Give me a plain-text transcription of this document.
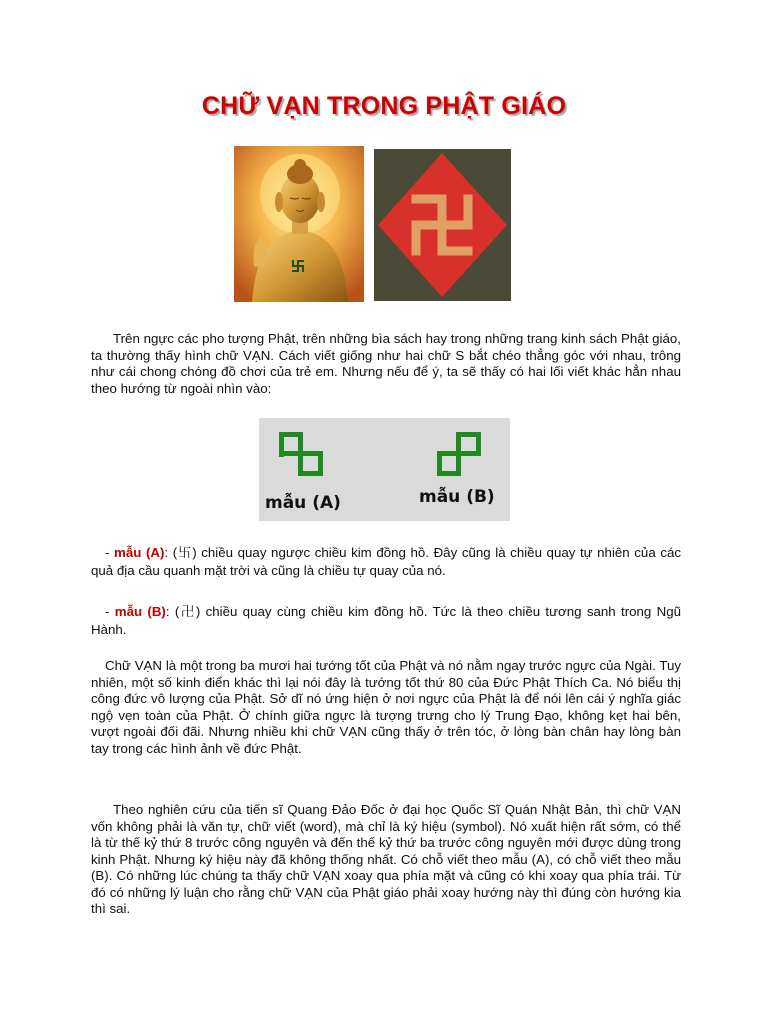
CHỮ VẠN TRONG PHẬT GIÁO
mẫu (A)	mẫu (B)

Trên ngực các pho tượng Phật, trên những bìa sách hay trong những trang kinh sách Phật giáo, ta thường thấy hình chữ VẠN. Cách viết giống như hai chữ S bắt chéo thẳng góc với nhau, trông như cái chong chóng đồ chơi của trẻ em. Nhưng nếu để ý, ta sẽ thấy có hai lối viết khác hẳn nhau theo hướng từ ngoài nhìn vào:

- mẫu (A): (卐) chiều quay ngược chiều kim đồng hồ. Đây cũng là chiều quay tự nhiên của các quả địa cầu quanh mặt trời và cũng là chiều tự quay của nó.

- mẫu (B): (卍) chiều quay cùng chiều kim đồng hồ. Tức là theo chiều tương sanh trong Ngũ Hành.

Chữ VẠN là một trong ba mươi hai tướng tốt của Phật và nó nằm ngay trước ngực của Ngài. Tuy nhiên, một số kinh điển khác thì lại nói đây là tướng tốt thứ 80 của Đức Phật Thích Ca. Nó biểu thị công đức vô lượng của Phật. Sở dĩ nó ứng hiện ở nơi ngực của Phật là để nói lên cái ý nghĩa giác ngộ vẹn toàn của Phật. Ở chính giữa ngực là tượng trưng cho lý Trung Đạo, không kẹt hai bên, vượt ngoài đối đãi. Nhưng nhiều khi chữ VẠN cũng thấy ở trên tóc, ở lòng bàn chân hay lòng bàn tay trong các hình ảnh về đức Phật.

Theo nghiên cứu của tiến sĩ Quang Đảo Đốc ở đại học Quốc Sĩ Quán Nhật Bản, thì chữ VẠN vốn không phải là văn tự, chữ viết (word), mà chỉ là ký hiệu (symbol). Nó xuất hiện rất sớm, có thể là từ thế kỷ thứ 8 trước công nguyên và đến thế kỷ thứ ba trước công nguyên mới được dùng trong kinh Phật. Nhưng ký hiệu này đã không thống nhất. Có chỗ viết theo mẫu (A), có chỗ viết theo mẫu (B). Có những lúc chúng ta thấy chữ VẠN xoay qua phía mặt và cũng có khi xoay qua phía trái. Từ đó có những lý luận cho rằng chữ VẠN của Phật giáo phải xoay hướng này thì đúng còn hướng kia thì sai.
